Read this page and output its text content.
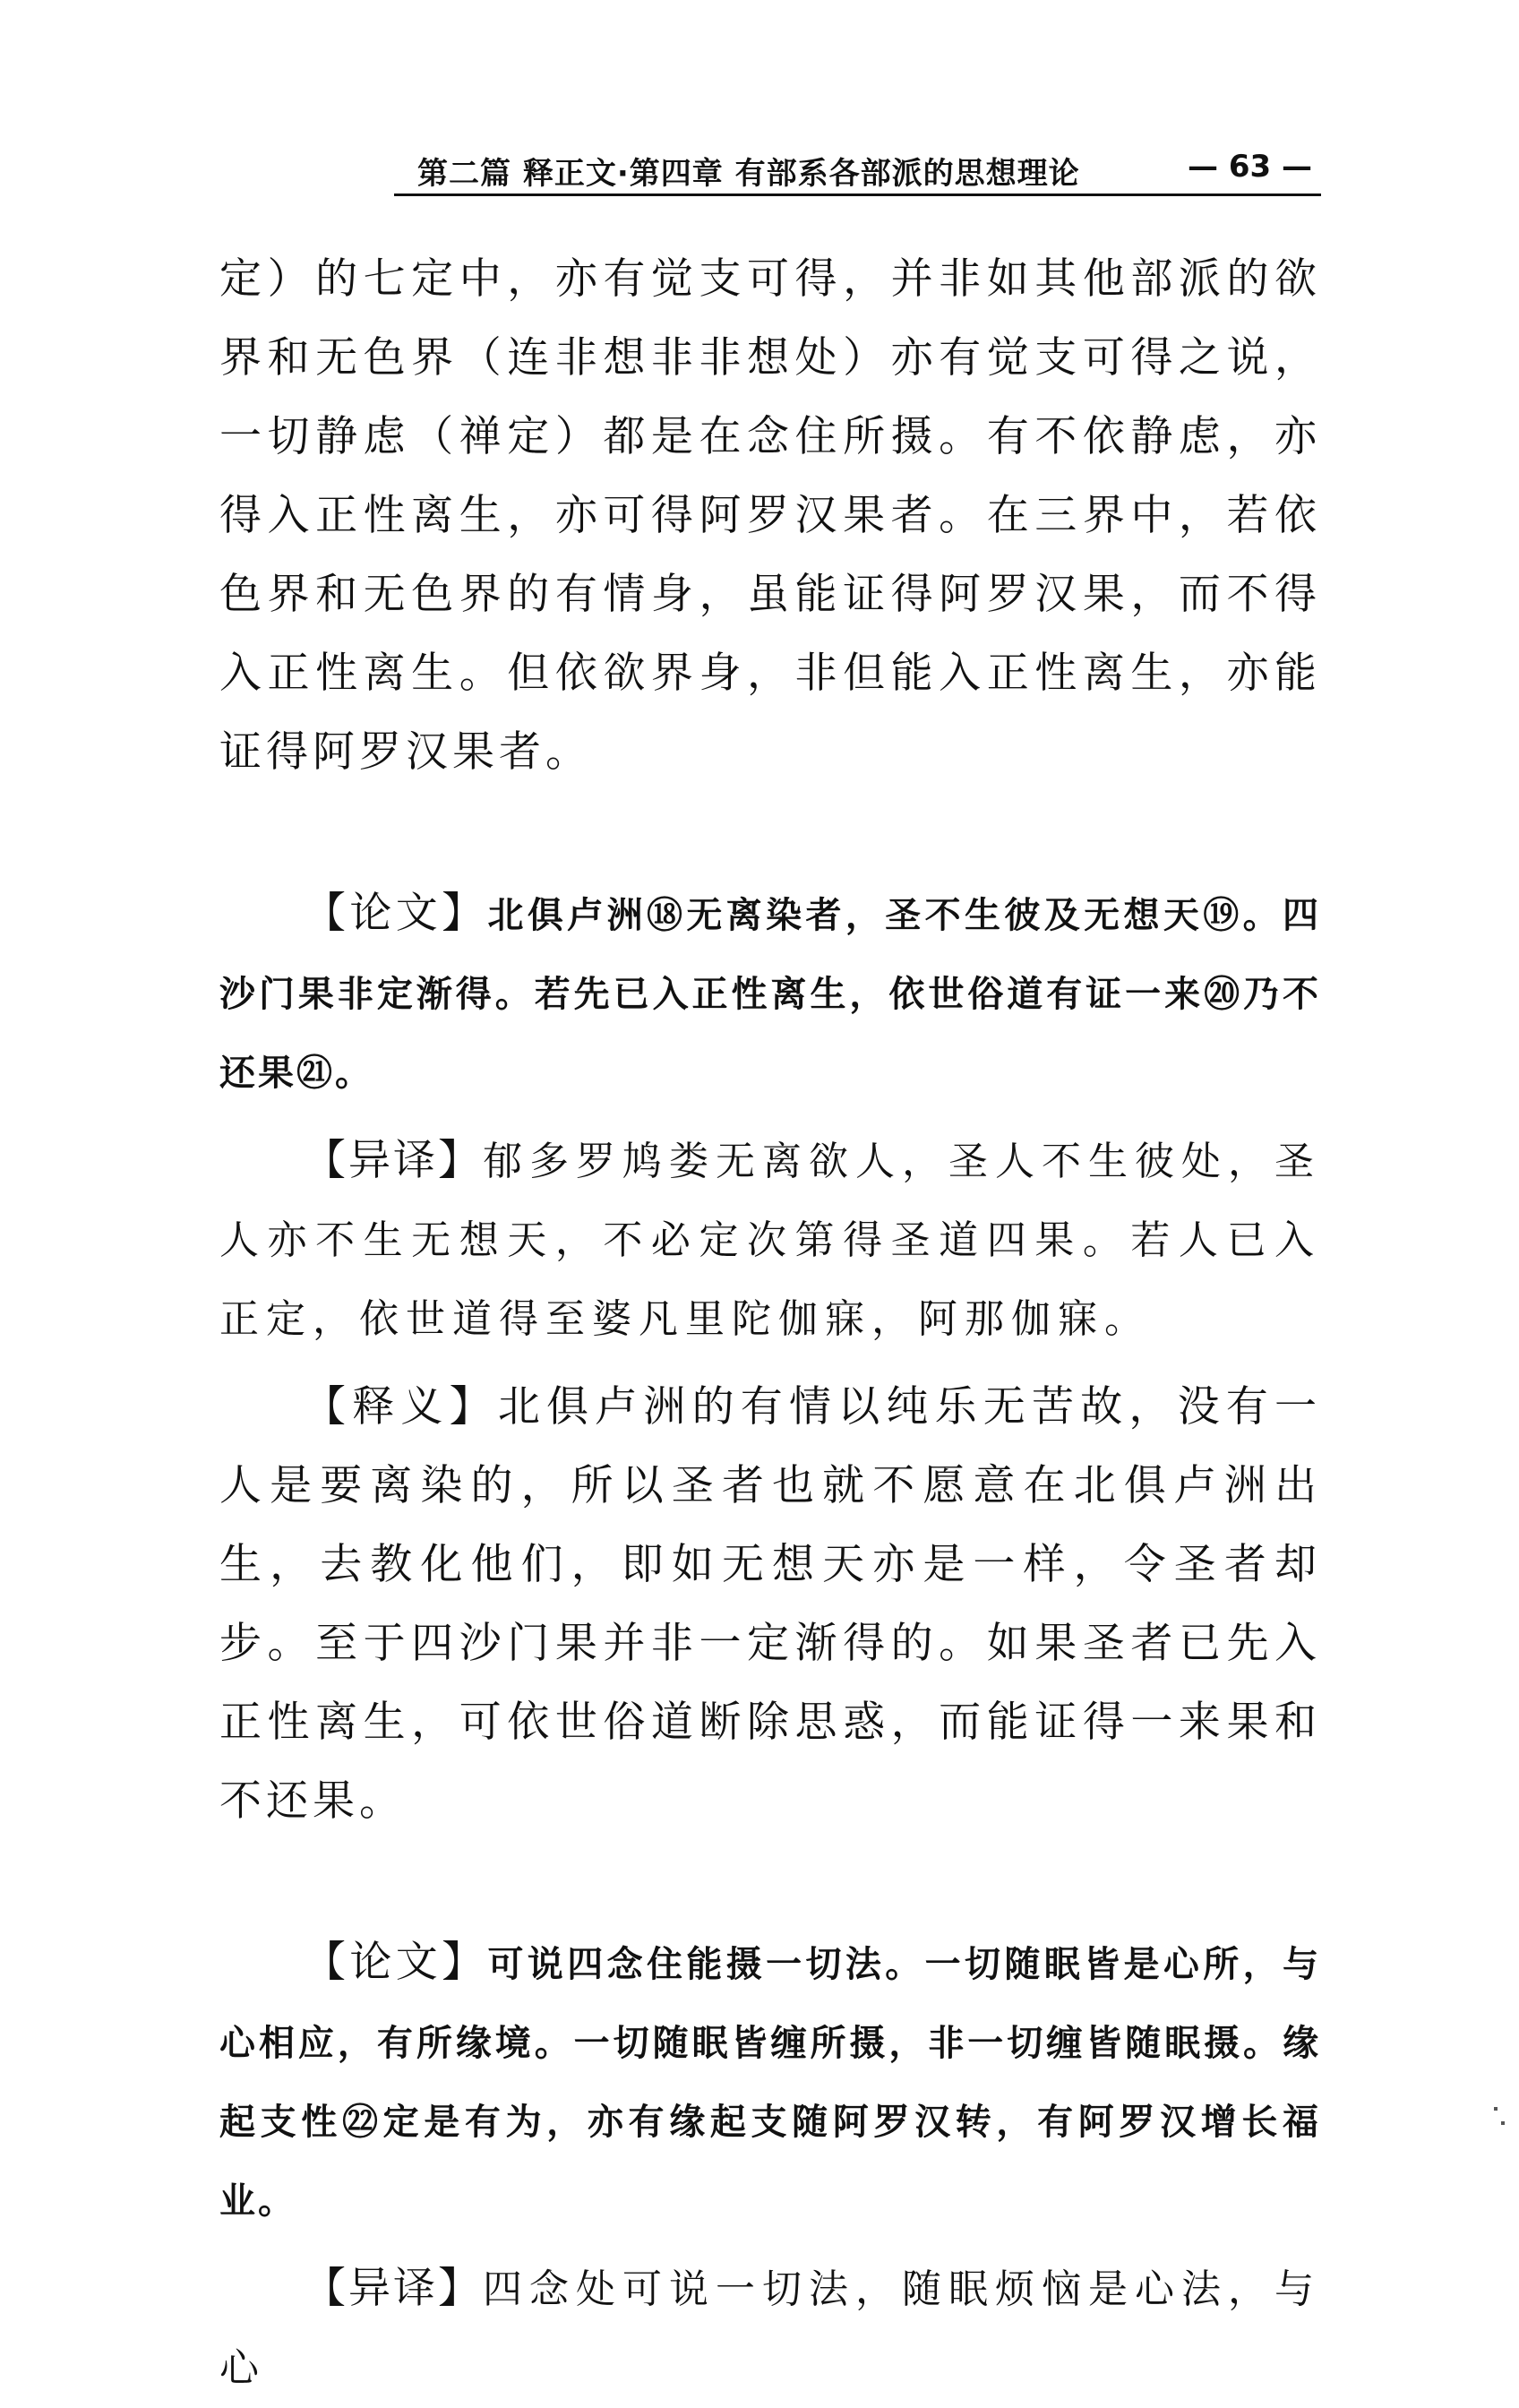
第二篇 释正文·第四章 有部系各部派的思想理论	— 63 —

定）的七定中，亦有觉支可得，并非如其他部派的欲界和无色界（连非想非非想处）亦有觉支可得之说，一切静虑（禅定）都是在念住所摄。有不依静虑，亦得入正性离生，亦可得阿罗汉果者。在三界中，若依色界和无色界的有情身，虽能证得阿罗汉果，而不得入正性离生。但依欲界身，非但能入正性离生，亦能证得阿罗汉果者。

【论文】北俱卢洲⑱无离染者，圣不生彼及无想天⑲。四沙门果非定渐得。若先已入正性离生，依世俗道有证一来⑳乃不还果㉑。

【异译】郁多罗鸠娄无离欲人，圣人不生彼处，圣人亦不生无想天，不必定次第得圣道四果。若人已入正定，依世道得至婆凡里陀伽寐，阿那伽寐。

【释义】北俱卢洲的有情以纯乐无苦故，没有一人是要离染的，所以圣者也就不愿意在北俱卢洲出生，去教化他们，即如无想天亦是一样，令圣者却步。至于四沙门果并非一定渐得的。如果圣者已先入正性离生，可依世俗道断除思惑，而能证得一来果和不还果。

【论文】可说四念住能摄一切法。一切随眠皆是心所，与心相应，有所缘境。一切随眠皆缠所摄，非一切缠皆随眠摄。缘起支性㉒定是有为，亦有缘起支随阿罗汉转，有阿罗汉增长福业。

【异译】四念处可说一切法，随眠烦恼是心法，与心
